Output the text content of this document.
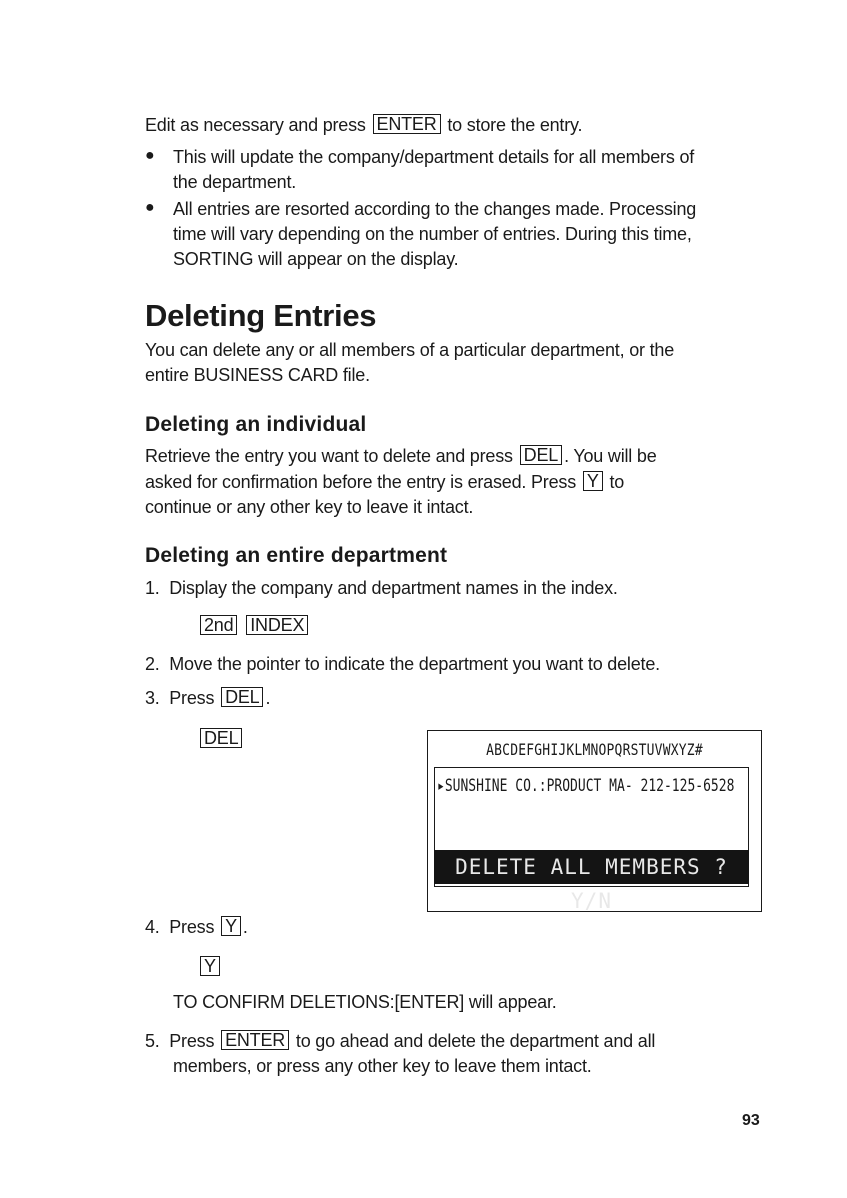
Edit as necessary and press ENTER to store the entry.
● This will update the company/department details for all members of
the department.
● All entries are resorted according to the changes made. Processing
time will vary depending on the number of entries. During this time,
SORTING will appear on the display.
Deleting Entries
You can delete any or all members of a particular department, or the
entire BUSINESS CARD file.
Deleting an individual
Retrieve the entry you want to delete and press DEL . You will be
asked for confirmation before the entry is erased. Press Y to
continue or any other key to leave it intact.
Deleting an entire department
1. Display the company and department names in the index.
2nd INDEX
2. Move the pointer to indicate the department you want to delete.
3. Press DEL .
DEL
ABCDEFGHIJKLMNOPQRSTUVWXYZ#
▸SUNSHINE CO.:PRODUCT MA- 212-125-6528
DELETE ALL MEMBERS ? Y/N
4. Press Y .
Y
TO CONFIRM DELETIONS:[ENTER] will appear.
5. Press ENTER to go ahead and delete the department and all
members, or press any other key to leave them intact.
93
